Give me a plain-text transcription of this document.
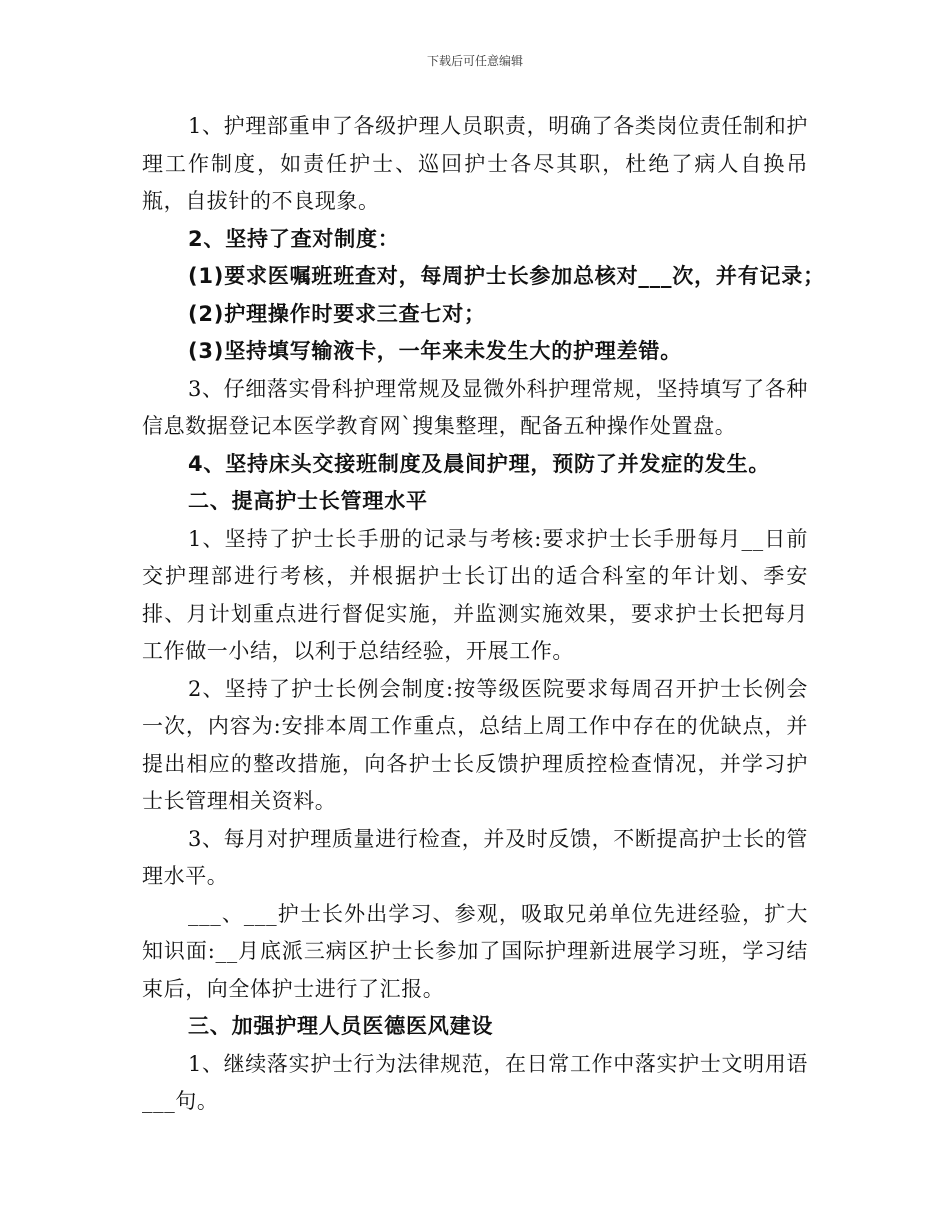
下载后可任意编辑

1、护理部重申了各级护理人员职责，明确了各类岗位责任制和护理工作制度，如责任护士、巡回护士各尽其职，杜绝了病人自换吊瓶，自拔针的不良现象。

2、坚持了查对制度：

(1)要求医嘱班班查对，每周护士长参加总核对___次，并有记录；

(2)护理操作时要求三查七对；

(3)坚持填写输液卡，一年来未发生大的护理差错。

3、仔细落实骨科护理常规及显微外科护理常规，坚持填写了各种信息数据登记本医学教育网`搜集整理，配备五种操作处置盘。

4、坚持床头交接班制度及晨间护理，预防了并发症的发生。

二、提高护士长管理水平

1、坚持了护士长手册的记录与考核:要求护士长手册每月__日前交护理部进行考核，并根据护士长订出的适合科室的年计划、季安排、月计划重点进行督促实施，并监测实施效果，要求护士长把每月工作做一小结，以利于总结经验，开展工作。

2、坚持了护士长例会制度:按等级医院要求每周召开护士长例会一次，内容为:安排本周工作重点，总结上周工作中存在的优缺点，并提出相应的整改措施，向各护士长反馈护理质控检查情况，并学习护士长管理相关资料。

3、每月对护理质量进行检查，并及时反馈，不断提高护士长的管理水平。

___、___护士长外出学习、参观，吸取兄弟单位先进经验，扩大知识面:__月底派三病区护士长参加了国际护理新进展学习班，学习结束后，向全体护士进行了汇报。

三、加强护理人员医德医风建设

1、继续落实护士行为法律规范，在日常工作中落实护士文明用语___句。
